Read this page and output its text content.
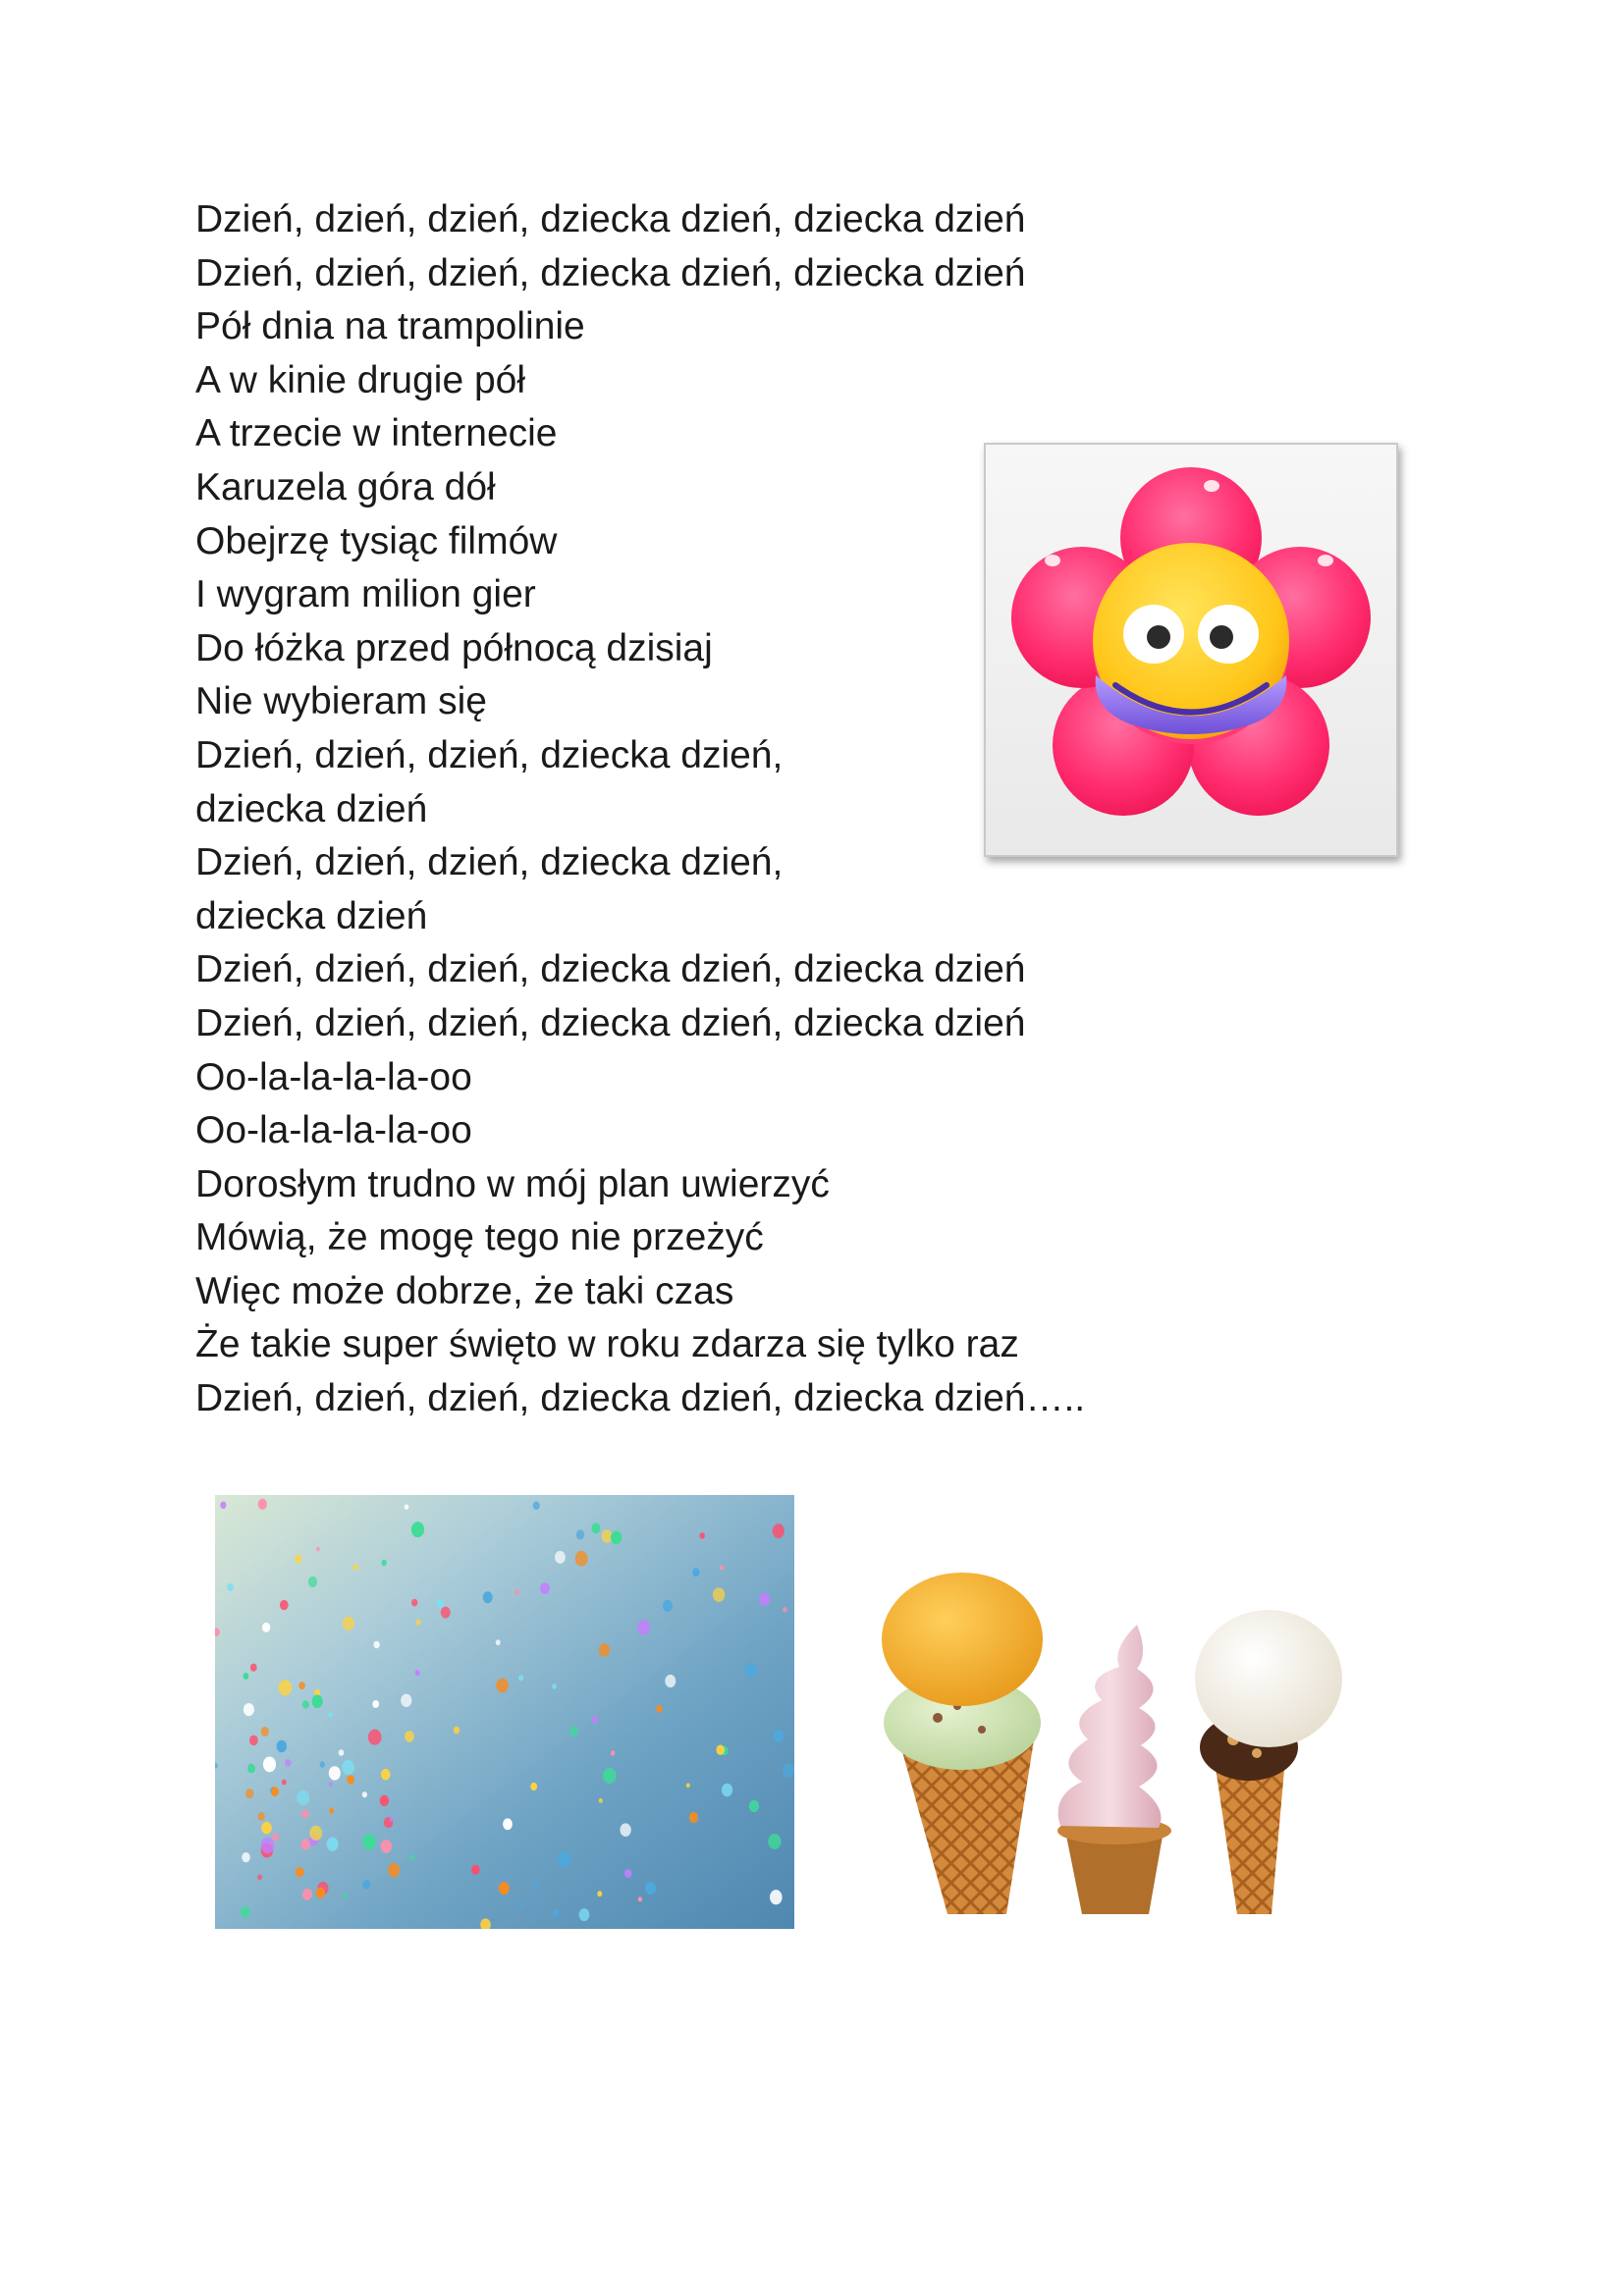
Dzień, dzień, dzień, dziecka dzień, dziecka dzień
Dzień, dzień, dzień, dziecka dzień, dziecka dzień
Pół dnia na trampolinie
A w kinie drugie pół
A trzecie w internecie
Karuzela góra dół
Obejrzę tysiąc filmów
I wygram milion gier
Do łóżka przed północą dzisiaj
Nie wybieram się
Dzień, dzień, dzień, dziecka dzień,
dziecka dzień
Dzień, dzień, dzień, dziecka dzień,
dziecka dzień
Dzień, dzień, dzień, dziecka dzień, dziecka dzień
Dzień, dzień, dzień, dziecka dzień, dziecka dzień
Oo-la-la-la-la-oo
Oo-la-la-la-la-oo
Dorosłym trudno w mój plan uwierzyć
Mówią, że mogę tego nie przeżyć
Więc może dobrze, że taki czas
Że takie super święto w roku zdarza się tylko raz
Dzień, dzień, dzień, dziecka dzień, dziecka dzień…..
